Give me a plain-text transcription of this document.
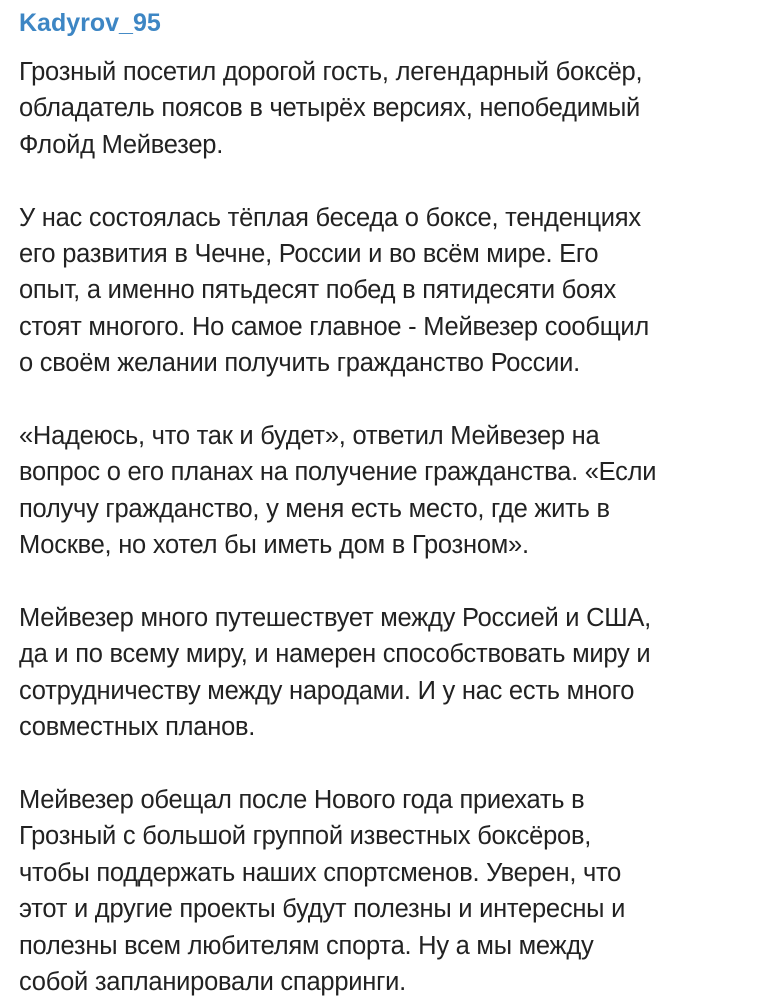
Kadyrov_95

Грозный посетил дорогой гость, легендарный боксёр,
обладатель поясов в четырёх версиях, непобедимый
Флойд Мейвезер.

У нас состоялась тёплая беседа о боксе, тенденциях
его развития в Чечне, России и во всём мире. Его
опыт, а именно пятьдесят побед в пятидесяти боях
стоят многого. Но самое главное - Мейвезер сообщил
о своём желании получить гражданство России.

«Надеюсь, что так и будет», ответил Мейвезер на
вопрос о его планах на получение гражданства. «Если
получу гражданство, у меня есть место, где жить в
Москве, но хотел бы иметь дом в Грозном».

Мейвезер много путешествует между Россией и США,
да и по всему миру, и намерен способствовать миру и
сотрудничеству между народами. И у нас есть много
совместных планов.

Мейвезер обещал после Нового года приехать в
Грозный с большой группой известных боксёров,
чтобы поддержать наших спортсменов. Уверен, что
этот и другие проекты будут полезны и интересны и
полезны всем любителям спорта. Ну а мы между
собой запланировали спарринги.
